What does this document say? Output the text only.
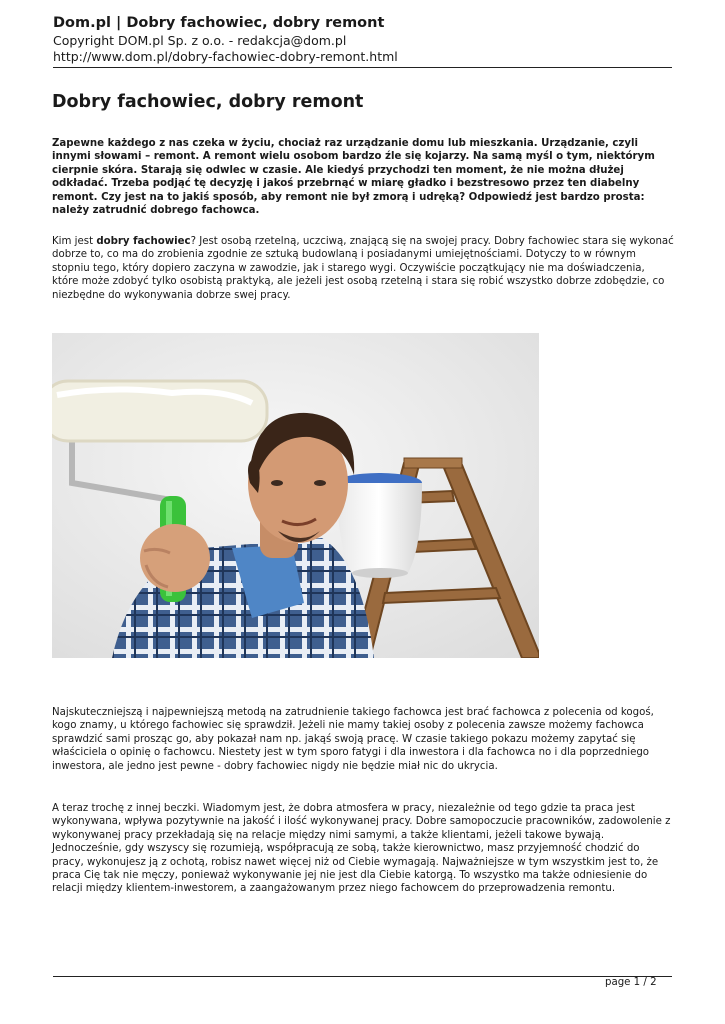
Dom.pl | Dobry fachowiec, dobry remont
Copyright DOM.pl Sp. z o.o. - redakcja@dom.pl
http://www.dom.pl/dobry-fachowiec-dobry-remont.html
Dobry fachowiec, dobry remont
Zapewne każdego z nas czeka w życiu, chociaż raz urządzanie domu lub mieszkania. Urządzanie, czyli innymi słowami – remont. A remont wielu osobom bardzo źle się kojarzy. Na samą myśl o tym, niektórym cierpnie skóra. Starają się odwlec w czasie. Ale kiedyś przychodzi ten moment, że nie można dłużej odkładać. Trzeba podjąć tę decyzję i jakoś przebrnąć w miarę gładko i bezstresowo przez ten diabelny remont. Czy jest na to jakiś sposób, aby remont nie był zmorą i udręką? Odpowiedź jest bardzo prosta: należy zatrudnić dobrego fachowca.
Kim jest dobry fachowiec? Jest osobą rzetelną, uczciwą, znającą się na swojej pracy. Dobry fachowiec stara się wykonać dobrze to, co ma do zrobienia zgodnie ze sztuką budowlaną i posiadanymi umiejętnościami. Dotyczy to w równym stopniu tego, który dopiero zaczyna w zawodzie, jak i starego wygi. Oczywiście początkujący nie ma doświadczenia, które może zdobyć tylko osobistą praktyką, ale jeżeli jest osobą rzetelną i stara się robić wszystko dobrze zdobędzie, co niezbędne do wykonywania dobrze swej pracy.
Najskuteczniejszą i najpewniejszą metodą na zatrudnienie takiego fachowca jest brać fachowca z polecenia od kogoś, kogo znamy, u którego fachowiec się sprawdził. Jeżeli nie mamy takiej osoby z polecenia zawsze możemy fachowca sprawdzić sami prosząc go, aby pokazał nam np. jakąś swoją pracę. W czasie takiego pokazu możemy zapytać się właściciela o opinię o fachowcu. Niestety jest w tym sporo fatygi i dla inwestora i dla fachowca no i dla poprzedniego inwestora, ale jedno jest pewne - dobry fachowiec nigdy nie będzie miał nic do ukrycia.
A teraz trochę z innej beczki. Wiadomym jest, że dobra atmosfera w pracy, niezależnie od tego gdzie ta praca jest wykonywana, wpływa pozytywnie na jakość i ilość wykonywanej pracy. Dobre samopoczucie pracowników, zadowolenie z wykonywanej pracy przekładają się na relacje między nimi samymi, a także klientami, jeżeli takowe bywają. Jednocześnie, gdy wszyscy się rozumieją, współpracują ze sobą, także kierownictwo, masz przyjemność chodzić do pracy, wykonujesz ją z ochotą, robisz nawet więcej niż od Ciebie wymagają. Najważniejsze w tym wszystkim jest to, że praca Cię tak nie męczy, ponieważ wykonywanie jej nie jest dla Ciebie katorgą. To wszystko ma także odniesienie do relacji między klientem-inwestorem, a zaangażowanym przez niego fachowcem do przeprowadzenia remontu.
page 1 / 2
